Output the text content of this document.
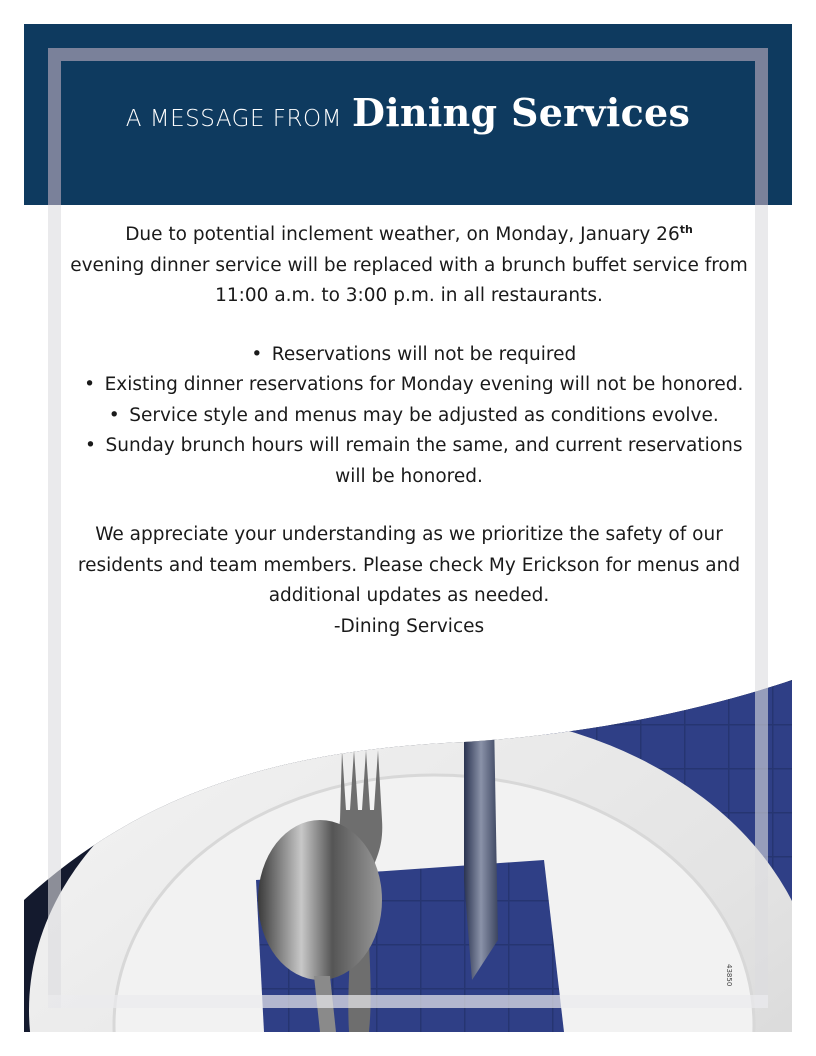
A MESSAGE FROM Dining Services

Due to potential inclement weather, on Monday, January 26th
evening dinner service will be replaced with a brunch buffet service from 11:00 a.m. to 3:00 p.m. in all restaurants.

• Reservations will not be required
• Existing dinner reservations for Monday evening will not be honored.
• Service style and menus may be adjusted as conditions evolve.
• Sunday brunch hours will remain the same, and current reservations will be honored.

We appreciate your understanding as we prioritize the safety of our residents and team members. Please check My Erickson for menus and additional updates as needed.
-Dining Services

43850
